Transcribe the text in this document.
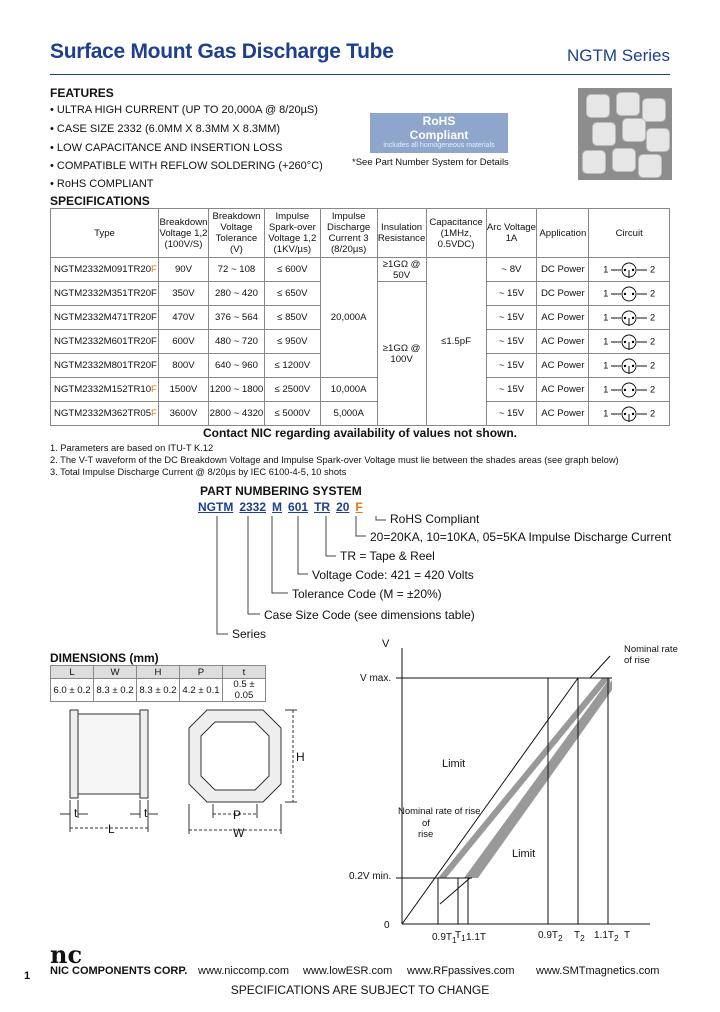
Surface Mount Gas Discharge Tube	NGTM Series
FEATURES
• ULTRA HIGH CURRENT (UP TO 20,000A @ 8/20µS)
• CASE SIZE 2332 (6.0MM X 8.3MM X 8.3MM)
• LOW CAPACITANCE AND INSERTION LOSS
• COMPATIBLE WITH REFLOW SOLDERING (+260°C)
• RoHS COMPLIANT
RoHS
Compliant
includes all homogeneous materials
*See Part Number System for Details
SPECIFICATIONS
Type	Breakdown Voltage 1,2 (100V/S)	Breakdown Voltage Tolerance (V)	Impulse Spark-over Voltage 1,2 (1KV/µs)	Impulse Discharge Current 3 (8/20µs)	Insulation Resistance	Capacitance (1MHz, 0.5VDC)	Arc Voltage 1A	Application	Circuit
NGTM2332M091TR20F	90V	72 ~ 108	≤ 600V	20,000A	≥1GΩ @ 50V	≤1.5pF	~ 8V	DC Power	1 2
NGTM2332M351TR20F	350V	280 ~ 420	≤ 650V		≥1GΩ @ 100V		~ 15V	DC Power	1 2
NGTM2332M471TR20F	470V	376 ~ 564	≤ 850V				~ 15V	AC Power	1 2
NGTM2332M601TR20F	600V	480 ~ 720	≤ 950V				~ 15V	AC Power	1 2
NGTM2332M801TR20F	800V	640 ~ 960	≤ 1200V				~ 15V	AC Power	1 2
NGTM2332M152TR10F	1500V	1200 ~ 1800	≤ 2500V	10,000A			~ 15V	AC Power	1 2
NGTM2332M362TR05F	3600V	2800 ~ 4320	≤ 5000V	5,000A			~ 15V	AC Power	1 2
Contact NIC regarding availability of values not shown.
1. Parameters are based on ITU-T K.12
2. The V-T waveform of the DC Breakdown Voltage and Impulse Spark-over Voltage must lie between the shades areas (see graph below)
3. Total Impulse Discharge Current @ 8/20µs by IEC 6100-4-5, 10 shots
PART NUMBERING SYSTEM
NGTM 2332 M 601 TR 20 F
RoHS Compliant
20=20KA, 10=10KA, 05=5KA Impulse Discharge Current
TR = Tape & Reel
Voltage Code: 421 = 420 Volts
Tolerance Code (M = ±20%)
Case Size Code (see dimensions table)
Series
DIMENSIONS (mm)
L	W	H	P	t
6.0 ± 0.2	8.3 ± 0.2	8.3 ± 0.2	4.2 ± 0.1	0.5 ± 0.05
t	t
L
H
P
W
V
V max.
0.2V min.
0
Limit
Limit
Nominal rate of rise
Nominal rate of rise
of
rise
$0.9T_1$
$T_1$ 1.1T	$0.9T_2$ $T_2$ $1.1T_2$ T
nc
1 NIC COMPONENTS CORP. www.niccomp.com www.lowESR.com www.RFpassives.com www.SMTmagnetics.com
SPECIFICATIONS ARE SUBJECT TO CHANGE
